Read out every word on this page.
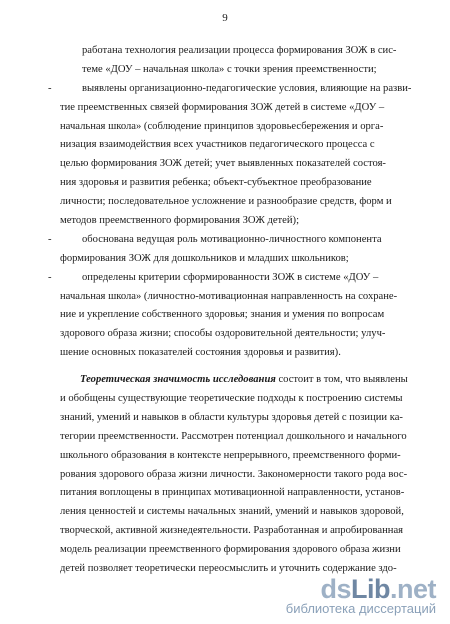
9
работана технология реализации процесса формирования ЗОЖ в сис-
теме «ДОУ – начальная школа» с точки зрения преемственности;
-	выявлены организационно-педагогические условия, влияющие на разви-
тие преемственных связей формирования ЗОЖ детей в системе «ДОУ –
начальная школа» (соблюдение принципов здоровьесбережения и орга-
низация взаимодействия всех участников педагогического процесса с
целью формирования ЗОЖ детей; учет выявленных показателей состоя-
ния здоровья и развития ребенка; объект-субъектное преобразование
личности; последовательное усложнение и разнообразие средств, форм и
методов преемственного формирования ЗОЖ детей);
-	обоснована ведущая роль мотивационно-личностного компонента
формирования ЗОЖ для дошкольников и младших школьников;
-	определены критерии сформированности ЗОЖ в системе «ДОУ –
начальная школа» (личностно-мотивационная направленность на сохране-
ние и укрепление собственного здоровья; знания и умения по вопросам
здорового образа жизни; способы оздоровительной деятельности; улуч-
шение основных показателей состояния здоровья и развития).
Теоретическая значимость исследования состоит в том, что выявлены
и обобщены существующие теоретические подходы к построению системы
знаний, умений и навыков в области культуры здоровья детей с позиции ка-
тегории преемственности. Рассмотрен потенциал дошкольного и начального
школьного образования в контексте непрерывного, преемственного форми-
рования здорового образа жизни личности. Закономерности такого рода вос-
питания воплощены в принципах мотивационной направленности, установ-
ления ценностей и системы начальных знаний, умений и навыков здоровой,
творческой, активной жизнедеятельности. Разработанная и апробированная
модель реализации преемственного формирования здорового образа жизни
детей позволяет теоретически переосмыслить и уточнить содержание здо-
dsLib.net
библиотека диссертаций
